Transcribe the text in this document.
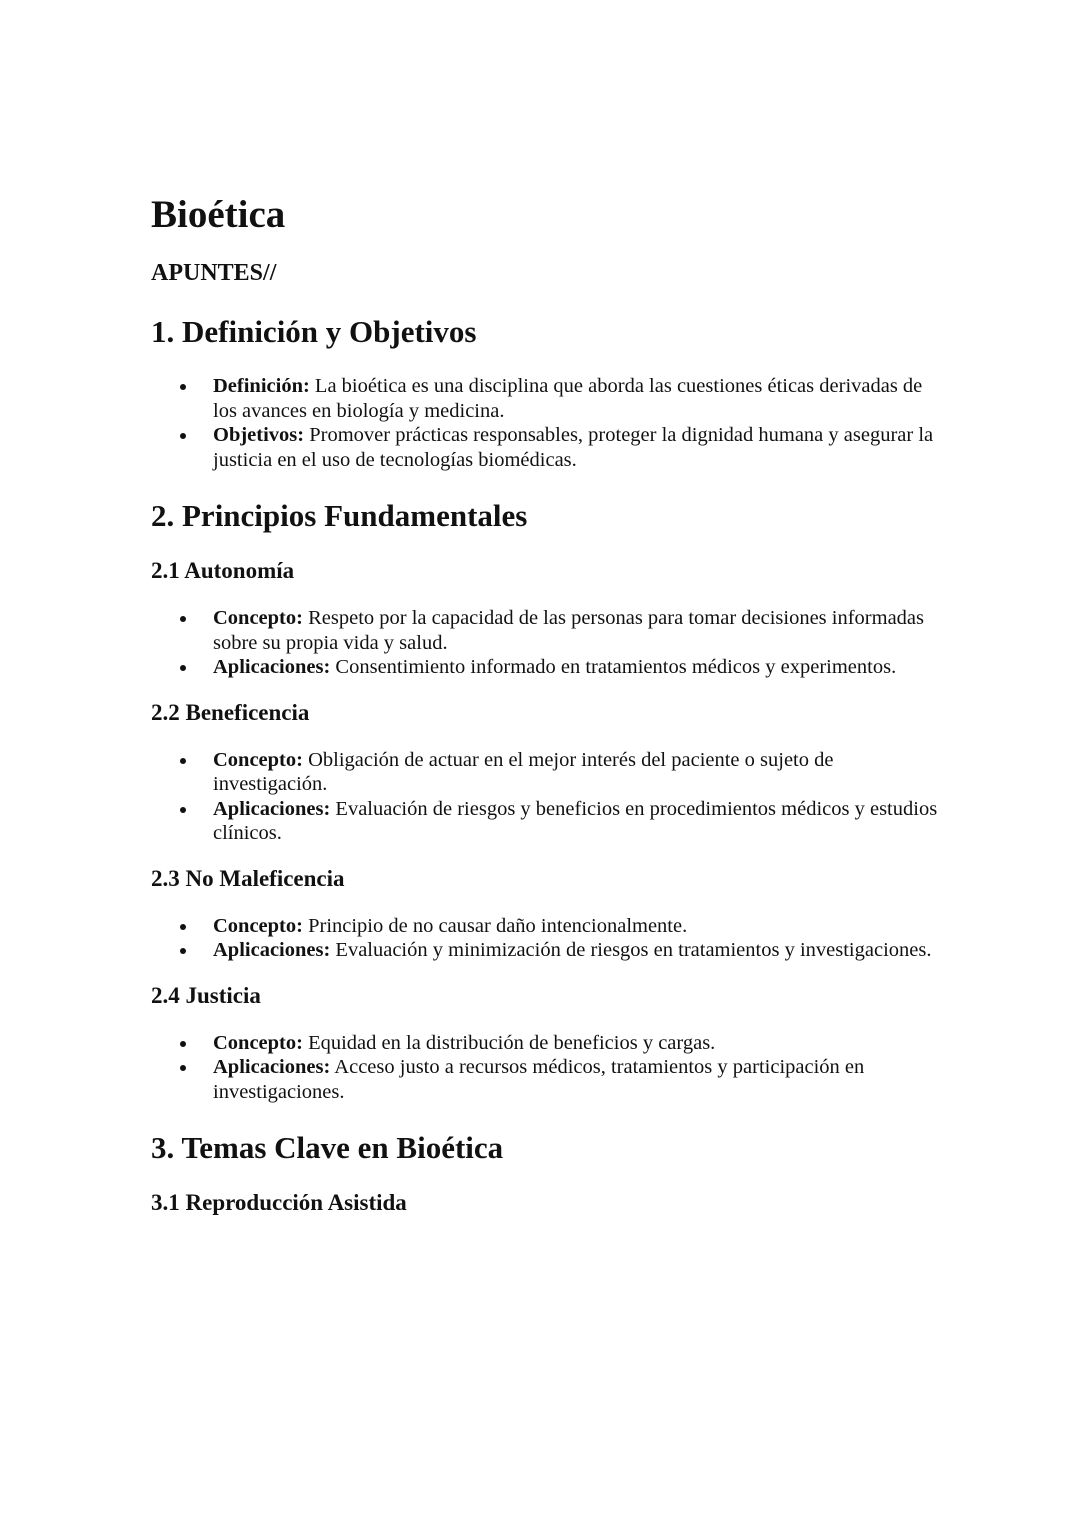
Bioética
APUNTES//
1. Definición y Objetivos
Definición: La bioética es una disciplina que aborda las cuestiones éticas derivadas de los avances en biología y medicina.
Objetivos: Promover prácticas responsables, proteger la dignidad humana y asegurar la justicia en el uso de tecnologías biomédicas.
2. Principios Fundamentales
2.1 Autonomía
Concepto: Respeto por la capacidad de las personas para tomar decisiones informadas sobre su propia vida y salud.
Aplicaciones: Consentimiento informado en tratamientos médicos y experimentos.
2.2 Beneficencia
Concepto: Obligación de actuar en el mejor interés del paciente o sujeto de investigación.
Aplicaciones: Evaluación de riesgos y beneficios en procedimientos médicos y estudios clínicos.
2.3 No Maleficencia
Concepto: Principio de no causar daño intencionalmente.
Aplicaciones: Evaluación y minimización de riesgos en tratamientos y investigaciones.
2.4 Justicia
Concepto: Equidad en la distribución de beneficios y cargas.
Aplicaciones: Acceso justo a recursos médicos, tratamientos y participación en investigaciones.
3. Temas Clave en Bioética
3.1 Reproducción Asistida
